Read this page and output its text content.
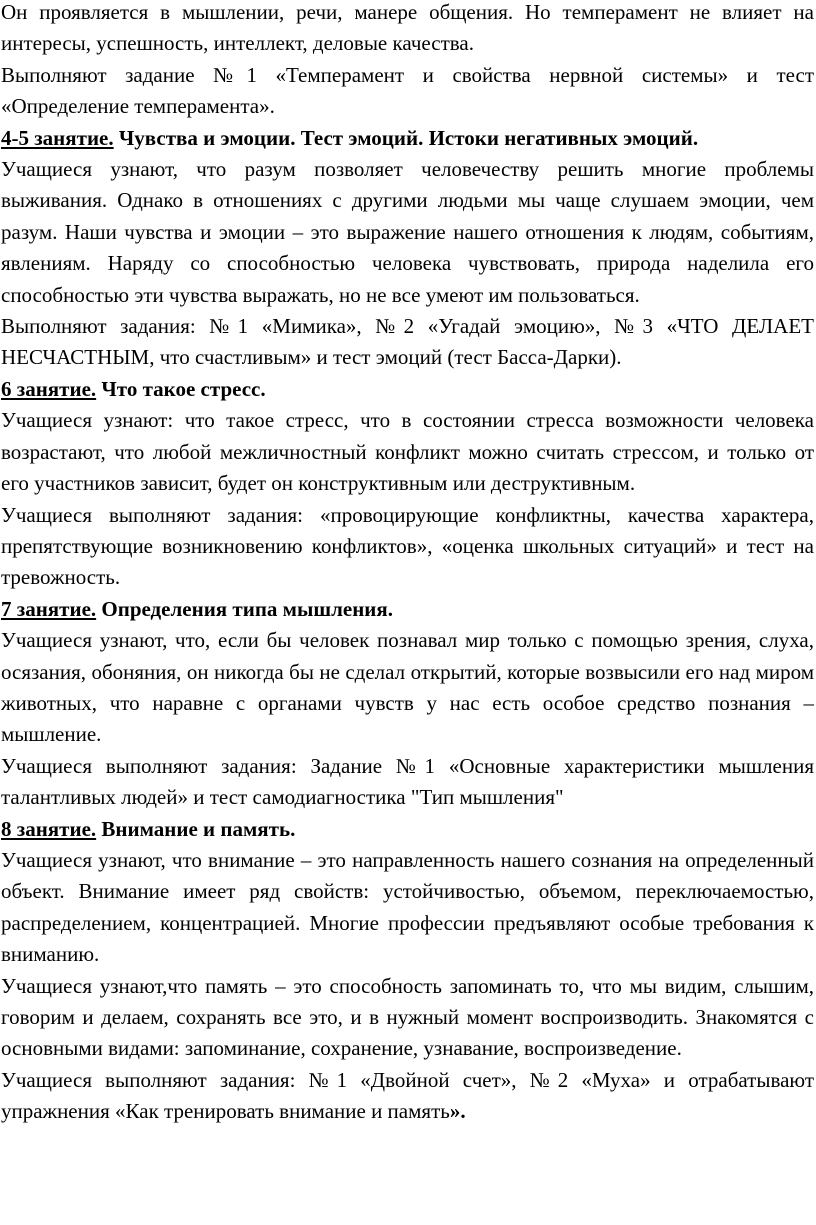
Он проявляется в мышлении, речи, манере общения. Но темперамент не влияет на интересы, успешность, интеллект, деловые качества.

Выполняют задание №1 «Темперамент и свойства нервной системы» и тест «Определение темперамента».

4-5 занятие. Чувства и эмоции. Тест эмоций. Истоки негативных эмоций.

Учащиеся узнают, что разум позволяет человечеству решить многие проблемы выживания. Однако в отношениях с другими людьми мы чаще слушаем эмоции, чем разум. Наши чувства и эмоции – это выражение нашего отношения к людям, событиям, явлениям. Наряду со способностью человека чувствовать, природа наделила его способностью эти чувства выражать, но не все умеют им пользоваться.

Выполняют задания: №1 «Мимика», №2 «Угадай эмоцию», №3 «ЧТО ДЕЛАЕТ НЕСЧАСТНЫМ, что счастливым» и тест эмоций (тест Басса-Дарки).

6 занятие. Что такое стресс.

Учащиеся узнают: что такое стресс, что в состоянии стресса возможности человека возрастают, что любой межличностный конфликт можно считать стрессом, и только от его участников зависит, будет он конструктивным или деструктивным.

Учащиеся выполняют задания: «провоцирующие конфликтны, качества характера, препятствующие возникновению конфликтов», «оценка школьных ситуаций» и тест на тревожность.

7 занятие. Определения типа мышления.

Учащиеся узнают, что, если бы человек познавал мир только с помощью зрения, слуха, осязания, обоняния, он никогда бы не сделал открытий, которые возвысили его над миром животных, что наравне с органами чувств у нас есть особое средство познания – мышление.

Учащиеся выполняют задания: Задание №1 «Основные характеристики мышления талантливых людей» и тест самодиагностика "Тип мышления"

8 занятие. Внимание и память.

Учащиеся узнают, что внимание – это направленность нашего сознания на определенный объект. Внимание имеет ряд свойств: устойчивостью, объемом, переключаемостью, распределением, концентрацией. Многие профессии предъявляют особые требования к вниманию.

Учащиеся узнают,что память – это способность запоминать то, что мы видим, слышим, говорим и делаем, сохранять все это, и в нужный момент воспроизводить. Знакомятся с основными видами: запоминание, сохранение, узнавание, воспроизведение.

Учащиеся выполняют задания: №1 «Двойной счет», №2 «Муха» и отрабатывают упражнения «Как тренировать внимание и память».
